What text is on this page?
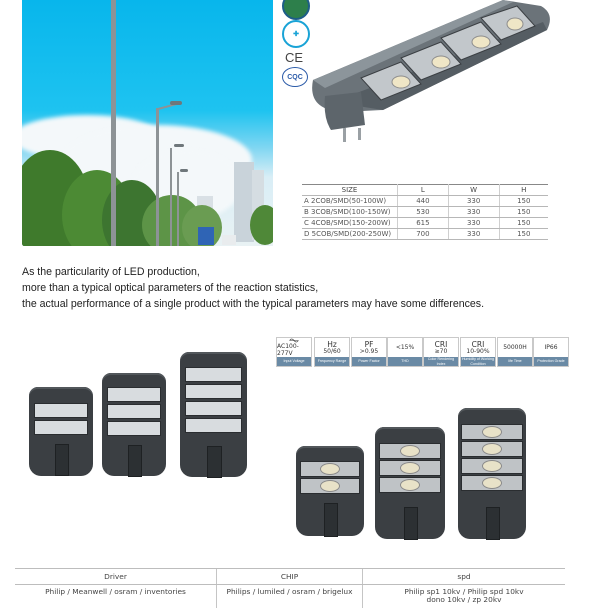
✚
CE
CQC
SIZE	L	W	H
A 2COB/SMD(50-100W)	440	330	150
B 3COB/SMD(100-150W)	530	330	150
C 4COB/SMD(150-200W)	615	330	150
D 5COB/SMD(200-250W)	700	330	150
As the particularity of LED production,
more than a typical optical parameters of the reaction statistics,
the actual performance of a single product with the typical parameters may have some differences.
AC100-277V
Input Voltage
Hz
50/60
Frequency Range
PF
>0.95
Power Factor
<15%
THD
CRI
≥70
Color Rendering Index
CRI
10-90%
Humidity of Working Condition
50000H
life Time
IP66
Protection Grade
Driver	CHIP	spd
Philip / Meanwell / osram / inventories	Philips / lumiled / osram / brigelux	Philip sp1 10kv / Philip spd 10kv
dono 10kv / zp 20kv
